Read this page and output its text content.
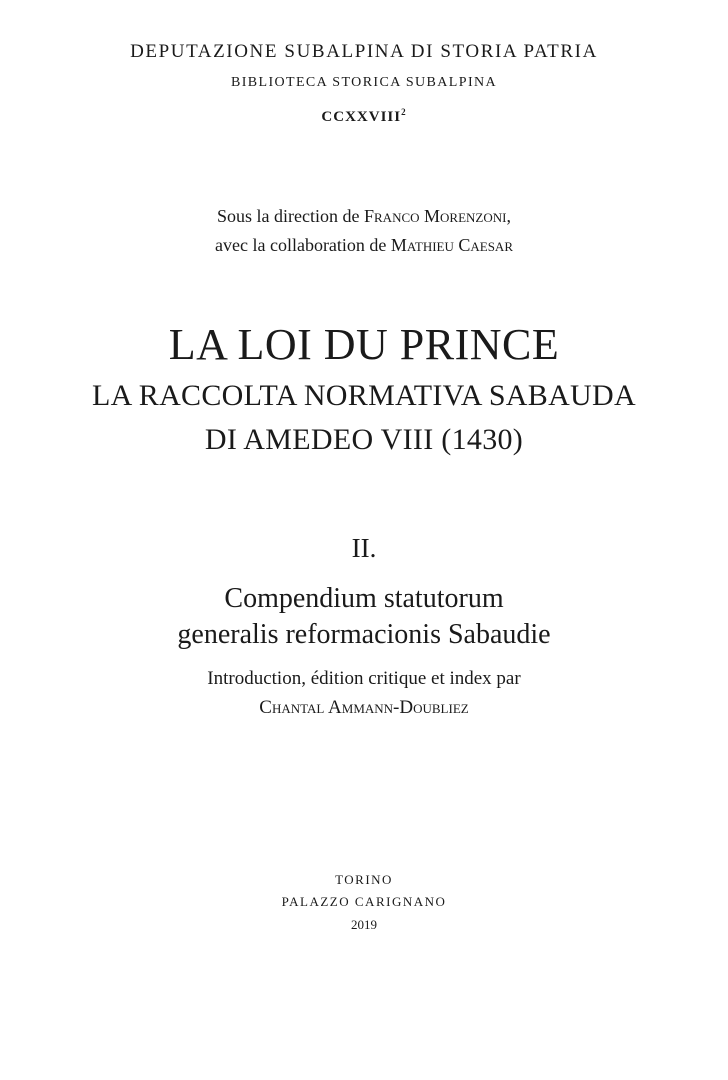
DEPUTAZIONE SUBALPINA DI STORIA PATRIA
BIBLIOTECA STORICA SUBALPINA
CCXXVIII$^2$
Sous la direction de Franco Morenzoni,
avec la collaboration de Mathieu Caesar
LA LOI DU PRINCE
LA RACCOLTA NORMATIVA SABAUDA
DI AMEDEO VIII (1430)
II.
Compendium statutorum
generalis reformacionis Sabaudie
Introduction, édition critique et index par
Chantal Ammann-Doubliez
TORINO
PALAZZO CARIGNANO
2019
